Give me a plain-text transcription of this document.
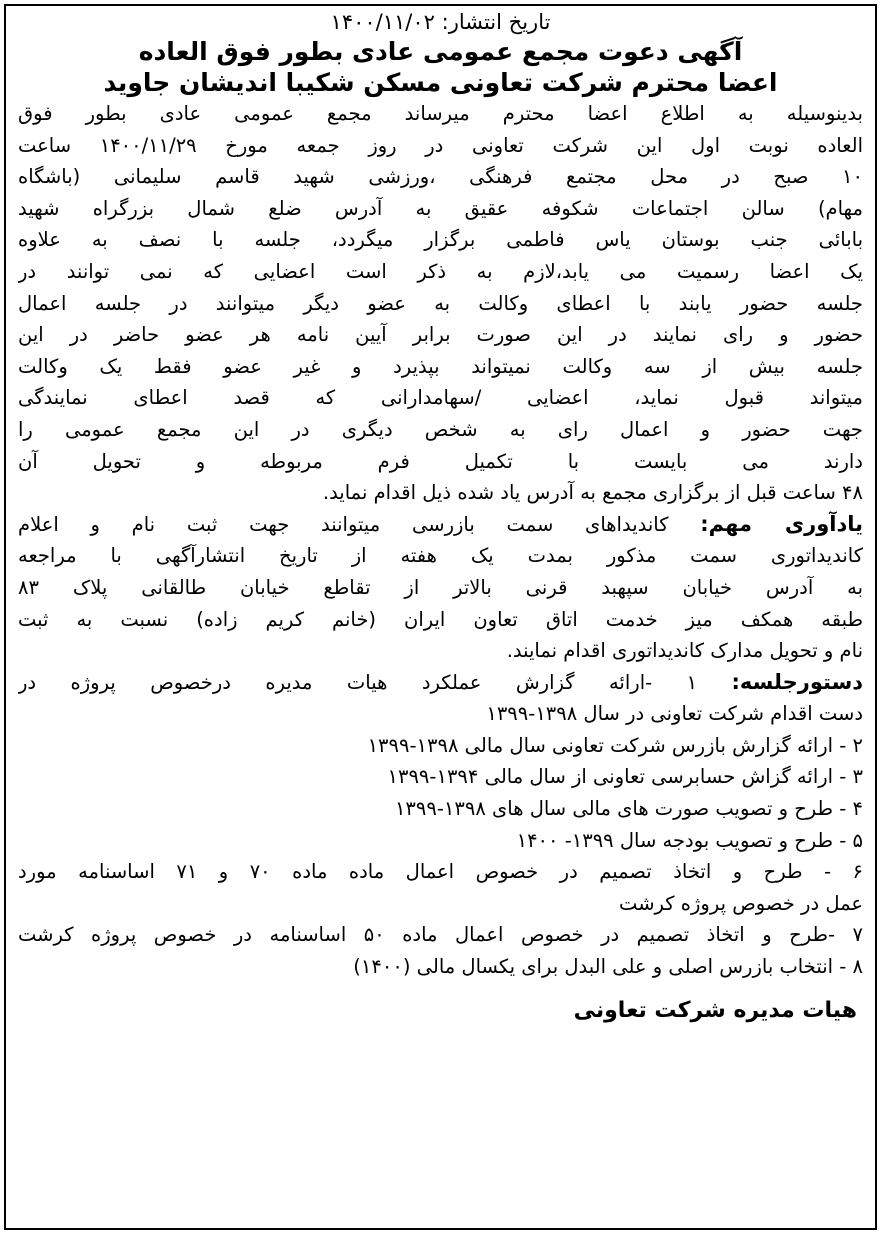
تاریخ انتشار: ۱۴۰۰/۱۱/۰۲
آگهی دعوت مجمع عمومی عادی بطور فوق العاده
اعضا محترم شرکت تعاونی مسکن شکیبا اندیشان جاوید
بدینوسیله به اطلاع اعضا محترم میرساند مجمع عمومی عادی بطور فوق
العاده نوبت اول این شرکت تعاونی در روز جمعه مورخ ۱۴۰۰/۱۱/۲۹ ساعت
۱۰ صبح در محل مجتمع فرهنگی ،ورزشی شهید قاسم سلیمانی (باشگاه
مهام) سالن اجتماعات شکوفه عقیق به آدرس ضلع شمال بزرگراه شهید
بابائی جنب بوستان یاس فاطمی برگزار میگردد، جلسه با نصف به علاوه
یک اعضا رسمیت می یابد،لازم به ذکر است اعضایی که نمی توانند در
جلسه حضور یابند با اعطای وکالت به عضو دیگر میتوانند در جلسه اعمال
حضور و رای نمایند در این صورت برابر آیین نامه هر عضو حاضر در این
جلسه بیش از سه وکالت نمیتواند بپذیرد و غیر عضو فقط یک وکالت
میتواند قبول نماید، اعضایی /سهامدارانی که قصد اعطای نمایندگی
جهت حضور و اعمال رای به شخص دیگری در این مجمع عمومی را
دارند می بایست با تکمیل فرم مربوطه و تحویل آن
۴۸ ساعت قبل از برگزاری مجمع به آدرس یاد شده ذیل اقدام نماید.
یادآوری مهم: کاندیداهای سمت بازرسی میتوانند جهت ثبت نام و اعلام
کاندیداتوری سمت مذکور بمدت یک هفته از تاریخ انتشارآگهی با مراجعه
به آدرس خیابان سپهبد قرنی بالاتر از تقاطع خیابان طالقانی پلاک ۸۳
طبقه همکف میز خدمت اتاق تعاون ایران (خانم کریم زاده) نسبت به ثبت
نام و تحویل مدارک کاندیداتوری اقدام نمایند.
دستورجلسه: ۱ -ارائه گزارش عملکرد هیات مدیره درخصوص پروژه در
دست اقدام شرکت تعاونی در سال ۱۳۹۸-۱۳۹۹
۲ - ارائه گزارش بازرس شرکت تعاونی سال مالی ۱۳۹۸-۱۳۹۹
۳ - ارائه گزاش حسابرسی تعاونی از سال مالی ۱۳۹۴-۱۳۹۹
۴ - طرح و تصویب صورت های مالی سال های ۱۳۹۸-۱۳۹۹
۵ - طرح و تصویب بودجه سال ۱۳۹۹- ۱۴۰۰
۶ - طرح و اتخاذ تصمیم در خصوص اعمال ماده ماده ۷۰ و ۷۱ اساسنامه مورد
عمل در خصوص پروژه کرشت
۷ -طرح و اتخاذ تصمیم در خصوص اعمال ماده ۵۰ اساسنامه در خصوص پروژه کرشت
۸ - انتخاب بازرس اصلی و علی البدل برای یکسال مالی (۱۴۰۰)
هیات مدیره شرکت تعاونی
